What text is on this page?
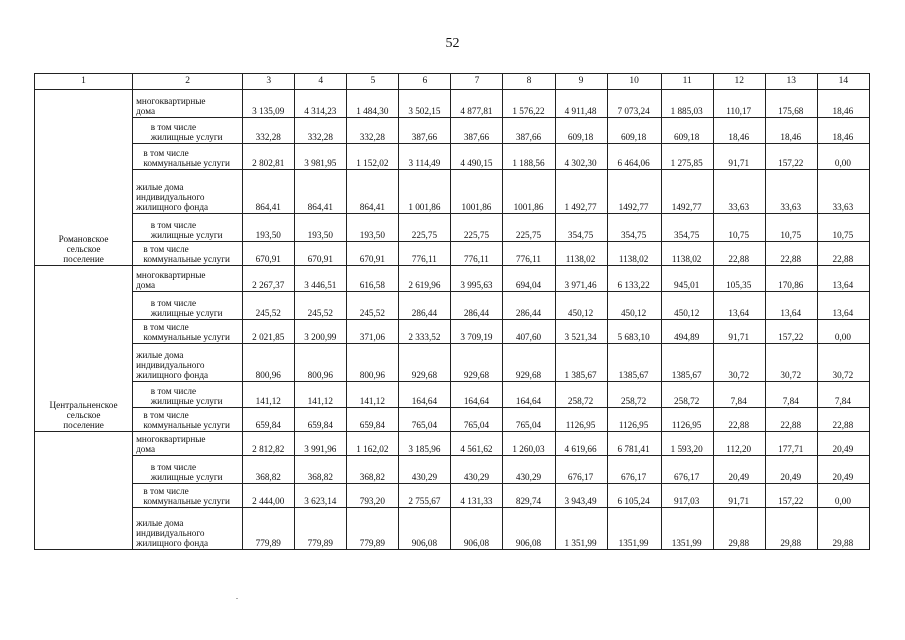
52
1	2	3	4	5	6	7	8	9	10	11	12	13	14
Романовское
сельское
поселение	многоквартирные
дома	3 135,09	4 314,23	1 484,30	3 502,15	4 877,81	1 576,22	4 911,48	7 073,24	1 885,03	110,17	175,68	18,46
	в том числе
жилищные услуги	332,28	332,28	332,28	387,66	387,66	387,66	609,18	609,18	609,18	18,46	18,46	18,46
	в том числе
коммунальные услуги	2 802,81	3 981,95	1 152,02	3 114,49	4 490,15	1 188,56	4 302,30	6 464,06	1 275,85	91,71	157,22	0,00
	жилые дома
индивидуального
жилищного фонда	864,41	864,41	864,41	1 001,86	1001,86	1001,86	1 492,77	1492,77	1492,77	33,63	33,63	33,63
	в том числе
жилищные услуги	193,50	193,50	193,50	225,75	225,75	225,75	354,75	354,75	354,75	10,75	10,75	10,75
	в том числе
коммунальные услуги	670,91	670,91	670,91	776,11	776,11	776,11	1138,02	1138,02	1138,02	22,88	22,88	22,88
Центральненское
сельское
поселение	многоквартирные
дома	2 267,37	3 446,51	616,58	2 619,96	3 995,63	694,04	3 971,46	6 133,22	945,01	105,35	170,86	13,64
	в том числе
жилищные услуги	245,52	245,52	245,52	286,44	286,44	286,44	450,12	450,12	450,12	13,64	13,64	13,64
	в том числе
коммунальные услуги	2 021,85	3 200,99	371,06	2 333,52	3 709,19	407,60	3 521,34	5 683,10	494,89	91,71	157,22	0,00
	жилые дома
индивидуального
жилищного фонда	800,96	800,96	800,96	929,68	929,68	929,68	1 385,67	1385,67	1385,67	30,72	30,72	30,72
	в том числе
жилищные услуги	141,12	141,12	141,12	164,64	164,64	164,64	258,72	258,72	258,72	7,84	7,84	7,84
	в том числе
коммунальные услуги	659,84	659,84	659,84	765,04	765,04	765,04	1126,95	1126,95	1126,95	22,88	22,88	22,88
	многоквартирные
дома	2 812,82	3 991,96	1 162,02	3 185,96	4 561,62	1 260,03	4 619,66	6 781,41	1 593,20	112,20	177,71	20,49
	в том числе
жилищные услуги	368,82	368,82	368,82	430,29	430,29	430,29	676,17	676,17	676,17	20,49	20,49	20,49
	в том числе
коммунальные услуги	2 444,00	3 623,14	793,20	2 755,67	4 131,33	829,74	3 943,49	6 105,24	917,03	91,71	157,22	0,00
	жилые дома
индивидуального
жилищного фонда	779,89	779,89	779,89	906,08	906,08	906,08	1 351,99	1351,99	1351,99	29,88	29,88	29,88
